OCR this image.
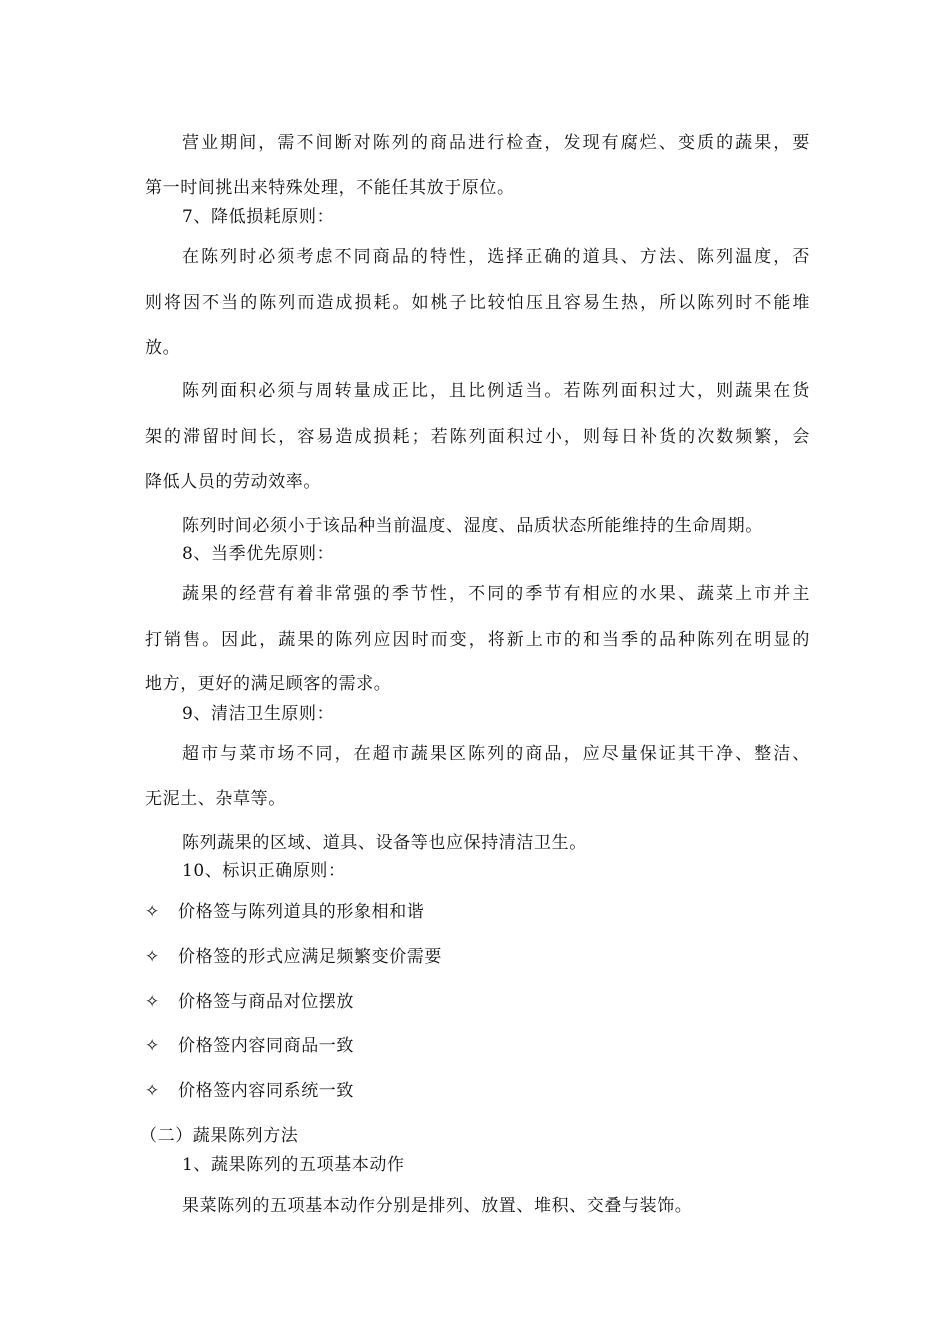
营业期间，需不间断对陈列的商品进行检查，发现有腐烂、变质的蔬果，要
第一时间挑出来特殊处理，不能任其放于原位。
7、降低损耗原则：
在陈列时必须考虑不同商品的特性，选择正确的道具、方法、陈列温度，否
则将因不当的陈列而造成损耗。如桃子比较怕压且容易生热，所以陈列时不能堆
放。
陈列面积必须与周转量成正比，且比例适当。若陈列面积过大，则蔬果在货
架的滞留时间长，容易造成损耗；若陈列面积过小，则每日补货的次数频繁，会
降低人员的劳动效率。
陈列时间必须小于该品种当前温度、湿度、品质状态所能维持的生命周期。
8、当季优先原则：
蔬果的经营有着非常强的季节性，不同的季节有相应的水果、蔬菜上市并主
打销售。因此，蔬果的陈列应因时而变，将新上市的和当季的品种陈列在明显的
地方，更好的满足顾客的需求。
9、清洁卫生原则：
超市与菜市场不同，在超市蔬果区陈列的商品，应尽量保证其干净、整洁、
无泥土、杂草等。
陈列蔬果的区域、道具、设备等也应保持清洁卫生。
10、标识正确原则：
✧ 价格签与陈列道具的形象相和谐
✧ 价格签的形式应满足频繁变价需要
✧ 价格签与商品对位摆放
✧ 价格签内容同商品一致
✧ 价格签内容同系统一致
（二）蔬果陈列方法
1、蔬果陈列的五项基本动作
果菜陈列的五项基本动作分别是排列、放置、堆积、交叠与装饰。
